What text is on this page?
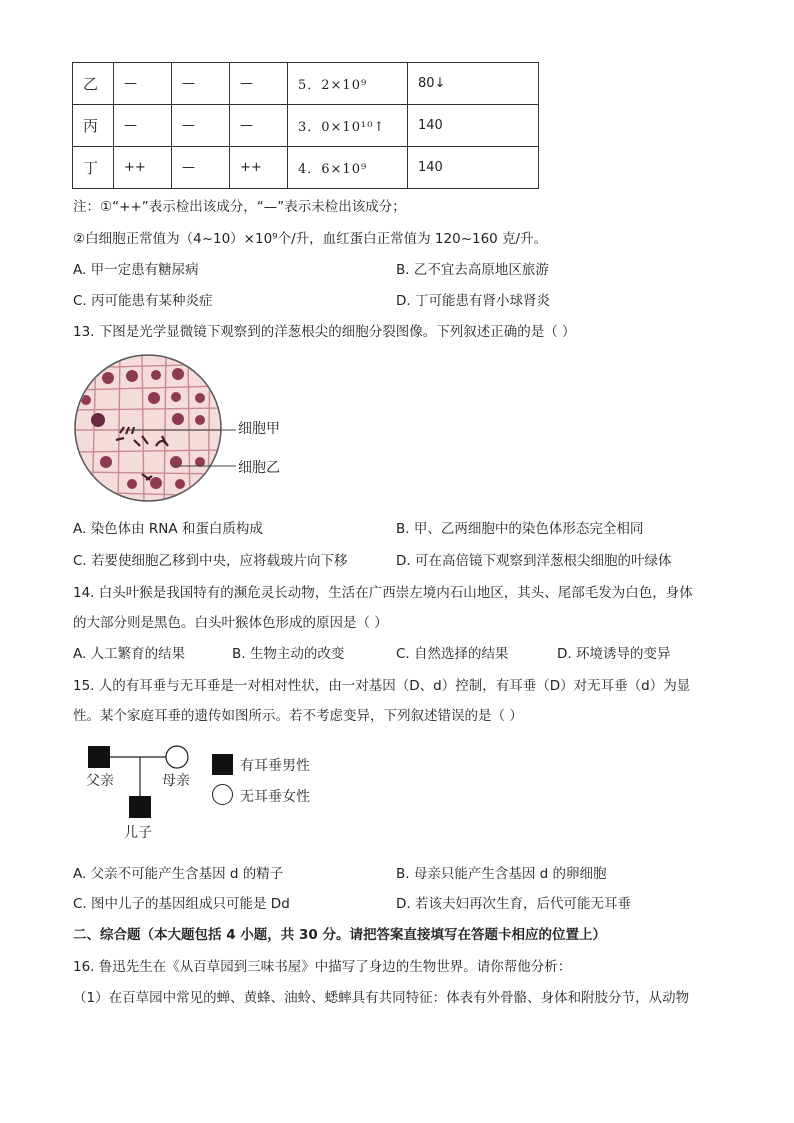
乙	—	—	—	5．2×10⁹	80↓
丙	—	—	—	3．0×10¹⁰↑	140
丁	++	—	++	4．6×10⁹	140
注：①“++”表示检出该成分，“—”表示未检出该成分；
②白细胞正常值为（4~10）×10⁹个/升，血红蛋白正常值为 120~160 克/升。
A. 甲一定患有糖尿病	B. 乙不宜去高原地区旅游
C. 丙可能患有某种炎症	D. 丁可能患有肾小球肾炎
13. 下图是光学显微镜下观察到的洋葱根尖的细胞分裂图像。下列叙述正确的是（ ）
细胞甲
细胞乙
A. 染色体由 RNA 和蛋白质构成	B. 甲、乙两细胞中的染色体形态完全相同
C. 若要使细胞乙移到中央，应将载玻片向下移	D. 可在高倍镜下观察到洋葱根尖细胞的叶绿体
14. 白头叶猴是我国特有的濒危灵长动物，生活在广西崇左境内石山地区，其头、尾部毛发为白色，身体
的大部分则是黑色。白头叶猴体色形成的原因是（ ）
A. 人工繁育的结果	B. 生物主动的改变	C. 自然选择的结果	D. 环境诱导的变异
15. 人的有耳垂与无耳垂是一对相对性状，由一对基因（D、d）控制，有耳垂（D）对无耳垂（d）为显
性。某个家庭耳垂的遗传如图所示。若不考虑变异，下列叙述错误的是（ ）
父亲	母亲
儿子
有耳垂男性
无耳垂女性
A. 父亲不可能产生含基因 d 的精子	B. 母亲只能产生含基因 d 的卵细胞
C. 图中儿子的基因组成只可能是 Dd	D. 若该夫妇再次生育，后代可能无耳垂
二、综合题（本大题包括 4 小题，共 30 分。请把答案直接填写在答题卡相应的位置上）
16. 鲁迅先生在《从百草园到三味书屋》中描写了身边的生物世界。请你帮他分析：
（1）在百草园中常见的蝉、黄蜂、油蛉、蟋蟀具有共同特征：体表有外骨骼、身体和附肢分节，从动物
